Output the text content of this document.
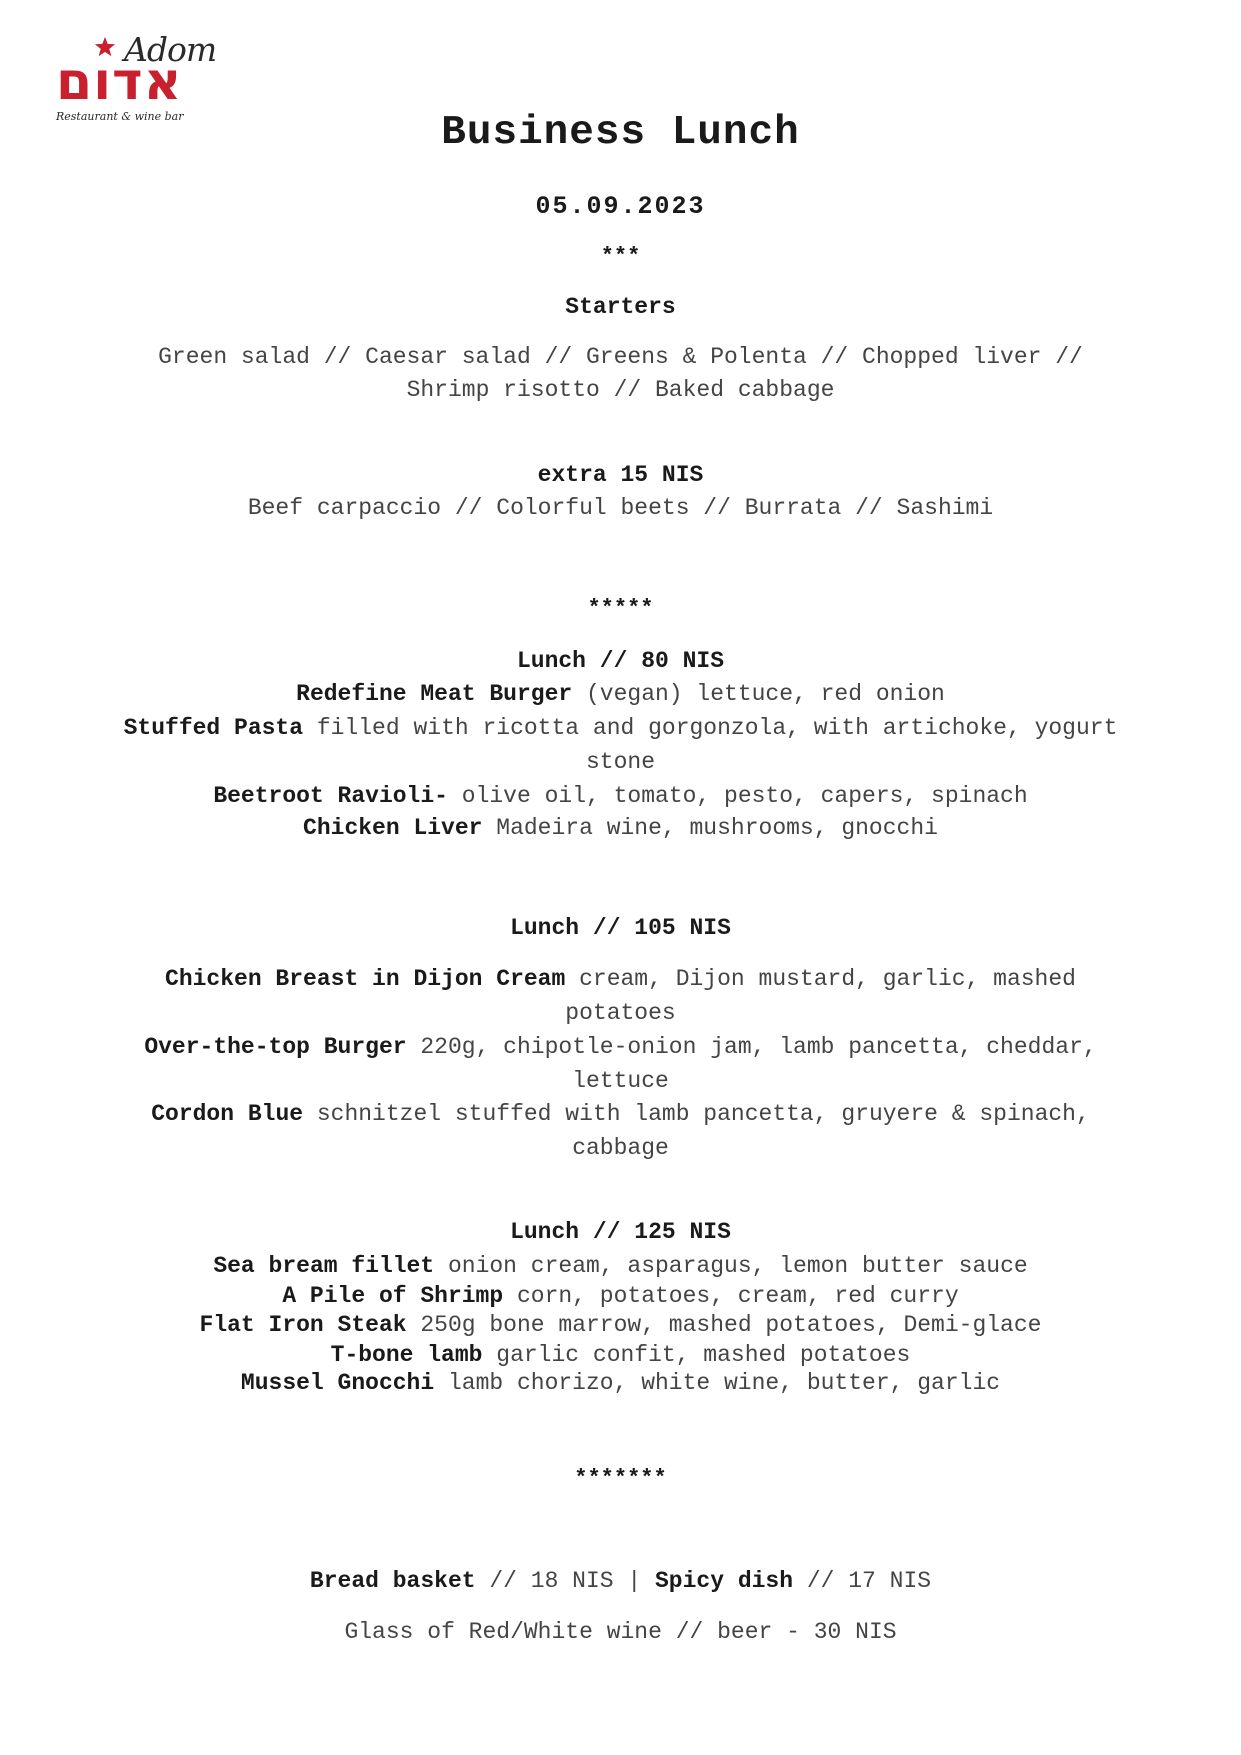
Adom
אדום
Restaurant & wine bar	Business Lunch
05.09.2023
***
Starters
Green salad // Caesar salad // Greens & Polenta // Chopped liver //
Shrimp risotto // Baked cabbage
extra 15 NIS
Beef carpaccio // Colorful beets // Burrata // Sashimi
*****
Lunch // 80 NIS
Redefine Meat Burger (vegan) lettuce, red onion
Stuffed Pasta filled with ricotta and gorgonzola, with artichoke, yogurt
stone
Beetroot Ravioli- olive oil, tomato, pesto, capers, spinach
Chicken Liver Madeira wine, mushrooms, gnocchi
Lunch // 105 NIS
Chicken Breast in Dijon Cream cream, Dijon mustard, garlic, mashed
potatoes
Over-the-top Burger 220g, chipotle-onion jam, lamb pancetta, cheddar,
lettuce
Cordon Blue schnitzel stuffed with lamb pancetta, gruyere & spinach,
cabbage
Lunch // 125 NIS
Sea bream fillet onion cream, asparagus, lemon butter sauce
A Pile of Shrimp corn, potatoes, cream, red curry
Flat Iron Steak 250g bone marrow, mashed potatoes, Demi-glace
T-bone lamb garlic confit, mashed potatoes
Mussel Gnocchi lamb chorizo, white wine, butter, garlic
*******
Bread basket // 18 NIS | Spicy dish // 17 NIS
Glass of Red/White wine // beer - 30 NIS
